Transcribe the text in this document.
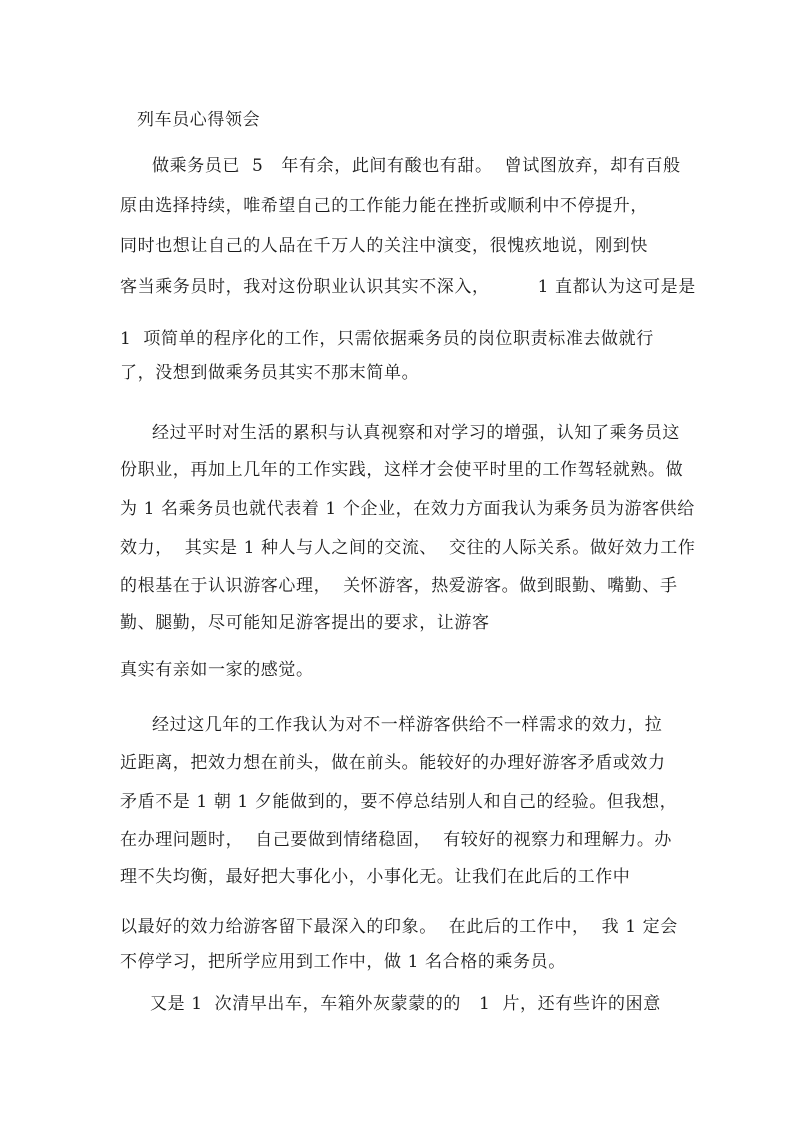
列车员心得领会
做乘务员已  5   年有余，此间有酸也有甜。  曾试图放弃，却有百般
原由选择持续，唯希望自己的工作能力能在挫折或顺利中不停提升，
同时也想让自己的人品在千万人的关注中演变，很愧疚地说，刚到快
客当乘务员时，我对这份职业认识其实不深入，        1 直都认为这可是是
1  项简单的程序化的工作，只需依据乘务员的岗位职责标准去做就行
了，没想到做乘务员其实不那末简单。
经过平时对生活的累积与认真视察和对学习的增强，认知了乘务员这
份职业，再加上几年的工作实践，这样才会使平时里的工作驾轻就熟。做
为 1 名乘务员也就代表着 1 个企业，在效力方面我认为乘务员为游客供给
效力，  其实是 1 种人与人之间的交流、  交往的人际关系。做好效力工作
的根基在于认识游客心理，  关怀游客，热爱游客。做到眼勤、嘴勤、手
勤、腿勤，尽可能知足游客提出的要求，让游客
真实有亲如一家的感觉。
经过这几年的工作我认为对不一样游客供给不一样需求的效力，拉
近距离，把效力想在前头，做在前头。能较好的办理好游客矛盾或效力
矛盾不是 1 朝 1 夕能做到的，要不停总结别人和自己的经验。但我想，
在办理问题时，  自己要做到情绪稳固，  有较好的视察力和理解力。办
理不失均衡，最好把大事化小，小事化无。让我们在此后的工作中
以最好的效力给游客留下最深入的印象。  在此后的工作中，  我 1 定会
不停学习，把所学应用到工作中，做 1 名合格的乘务员。
又是 1  次清早出车，车箱外灰蒙蒙的的   1  片，还有些许的困意
